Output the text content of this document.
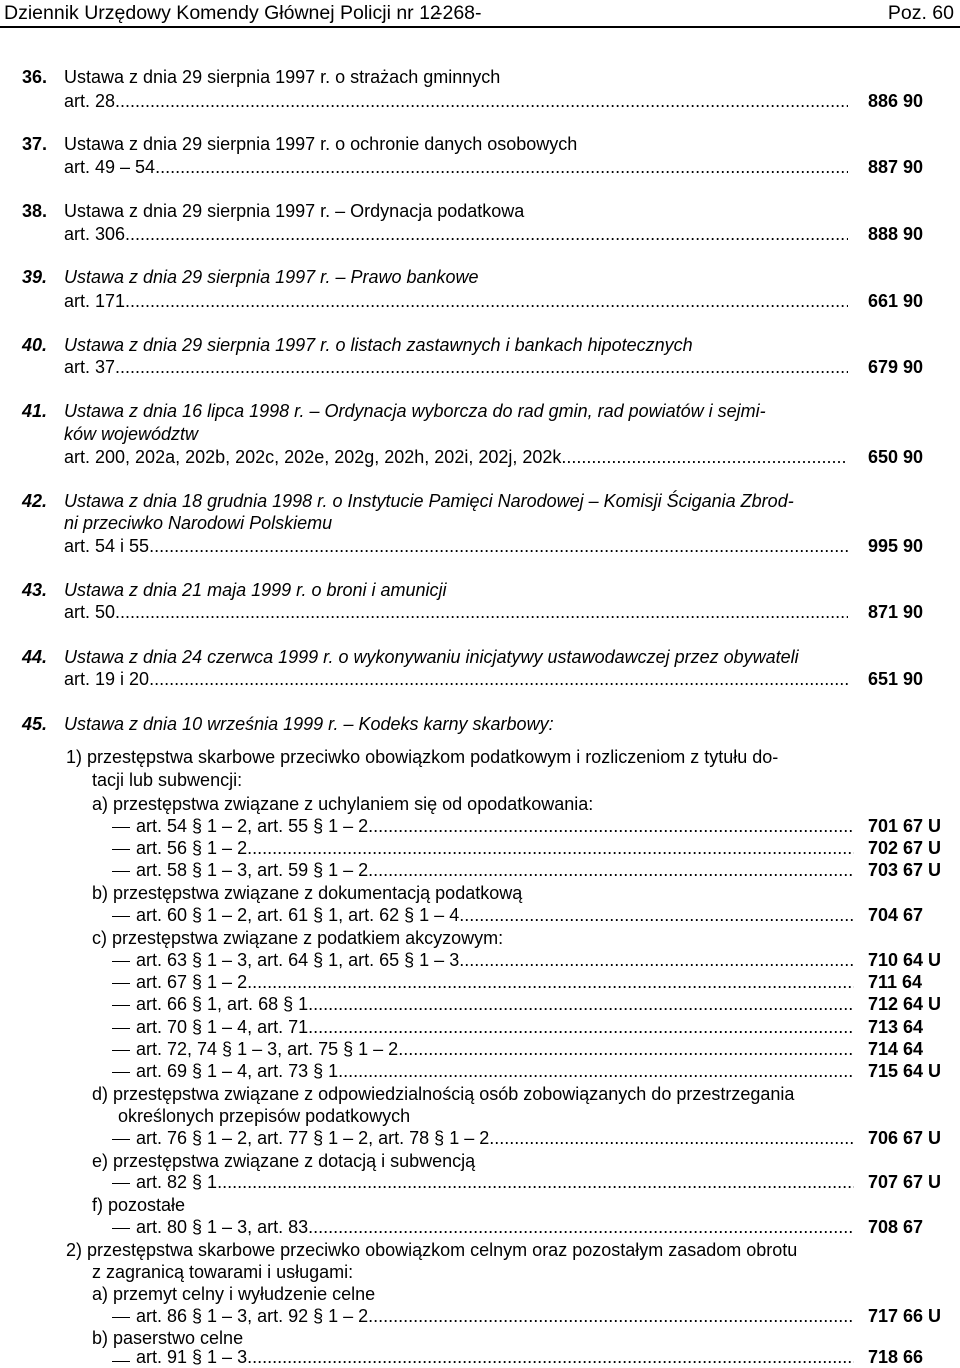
Dziennik Urzędowy Komendy Głównej Policji nr 12
-268-	Poz. 60
36. Ustawa z dnia 29 sierpnia 1997 r. o strażach gminnych
art. 28 .....	886 90
37. Ustawa z dnia 29 sierpnia 1997 r. o ochronie danych osobowych
art. 49 – 54 .....	887 90
38. Ustawa z dnia 29 sierpnia 1997 r. – Ordynacja podatkowa
art. 306 .....	888 90
39. Ustawa z dnia 29 sierpnia 1997 r. – Prawo bankowe
art. 171 .....	661 90
40. Ustawa z dnia 29 sierpnia 1997 r. o listach zastawnych i bankach hipotecznych
art. 37 .....	679 90
41. Ustawa z dnia 16 lipca 1998 r. – Ordynacja wyborcza do rad gmin, rad powiatów i sejmi-
ków województw
art. 200, 202a, 202b, 202c, 202e, 202g, 202h, 202i, 202j, 202k .....	650 90
42. Ustawa z dnia 18 grudnia 1998 r. o Instytucie Pamięci Narodowej – Komisji Ścigania Zbrod-
ni przeciwko Narodowi Polskiemu
art. 54 i 55 .....	995 90
43. Ustawa z dnia 21 maja 1999 r. o broni i amunicji
art. 50 .....	871 90
44. Ustawa z dnia 24 czerwca 1999 r. o wykonywaniu inicjatywy ustawodawczej przez obywateli
art. 19 i 20 .....	651 90
45. Ustawa z dnia 10 września 1999 r. – Kodeks karny skarbowy:
1) przestępstwa skarbowe przeciwko obowiązkom podatkowym i rozliczeniom z tytułu do-
tacji lub subwencji:
a) przestępstwa związane z uchylaniem się od opodatkowania:
art. 54 § 1 – 2, art. 55 § 1 – 2 .....	701 67 U
art. 56 § 1 – 2 .....	702 67 U
art. 58 § 1 – 3, art. 59 § 1 – 2 .....	703 67 U
b) przestępstwa związane z dokumentacją podatkową
art. 60 § 1 – 2, art. 61 § 1, art. 62 § 1 – 4 .....	704 67
c) przestępstwa związane z podatkiem akcyzowym:
art. 63 § 1 – 3, art. 64 § 1, art. 65 § 1 – 3 .....	710 64 U
art. 67 § 1 – 2 .....	711 64
art. 66 § 1, art. 68 § 1 .....	712 64 U
art. 70 § 1 – 4, art. 71 .....	713 64
art. 72, 74 § 1 – 3, art. 75 § 1 – 2 .....	714 64
art. 69 § 1 – 4, art. 73 § 1 .....	715 64 U
d) przestępstwa związane z odpowiedzialnością osób zobowiązanych do przestrzegania
określonych przepisów podatkowych
art. 76 § 1 – 2, art. 77 § 1 – 2, art. 78 § 1 – 2 .....	706 67 U
e) przestępstwa związane z dotacją i subwencją
art. 82 § 1 .....	707 67 U
f) pozostałe
art. 80 § 1 – 3, art. 83 .....	708 67
2) przestępstwa skarbowe przeciwko obowiązkom celnym oraz pozostałym zasadom obrotu
z zagranicą towarami i usługami:
a) przemyt celny i wyłudzenie celne
art. 86 § 1 – 3, art. 92 § 1 – 2 .....	717 66 U
b) paserstwo celne
art. 91 § 1 – 3 .....	718 66
